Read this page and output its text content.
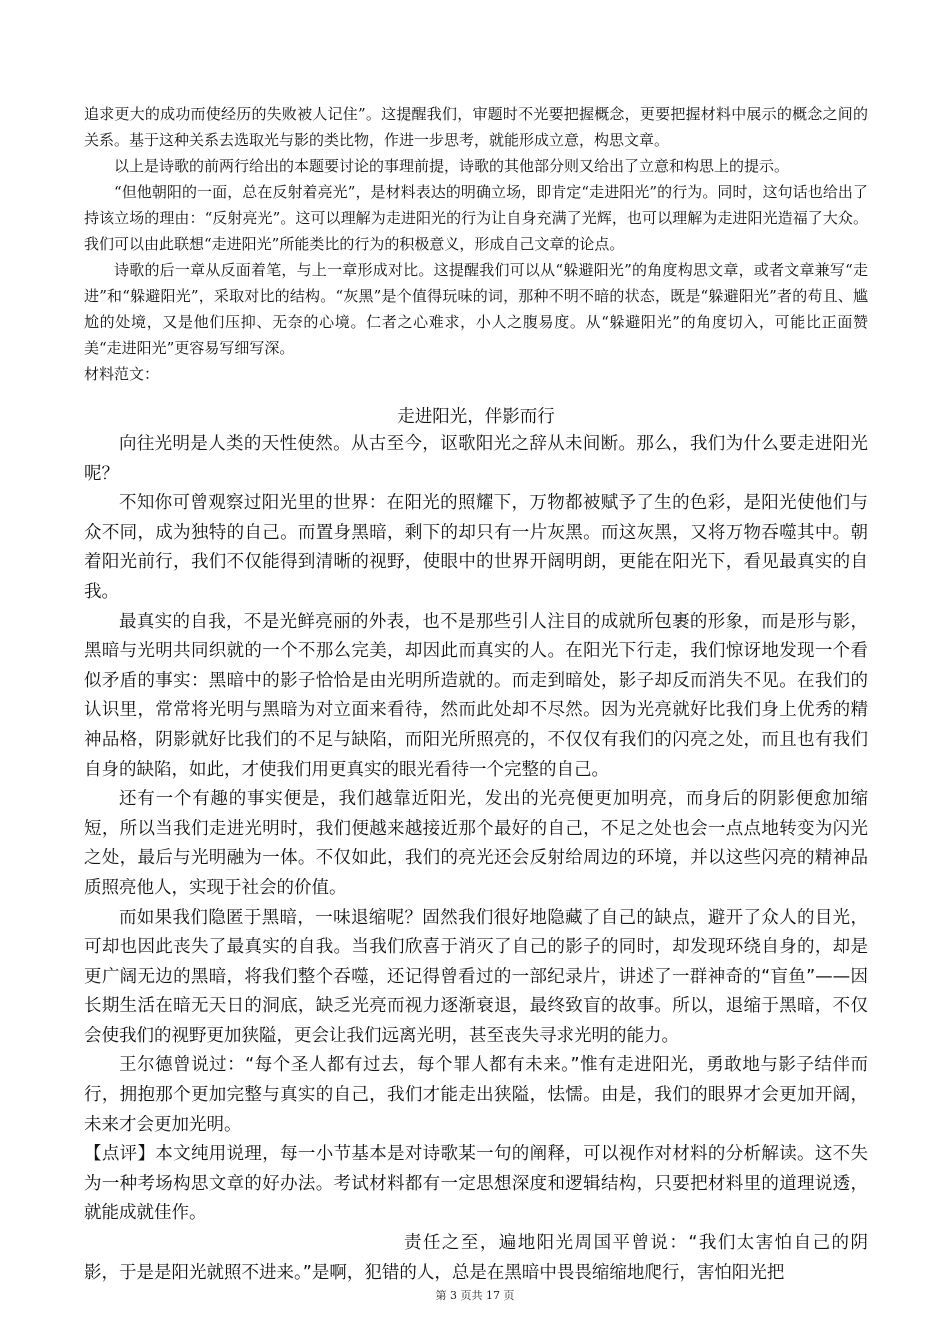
追求更大的成功而使经历的失败被人记住”。这提醒我们，审题时不光要把握概念，更要把握材料中展示的概念之间的关系。基于这种关系去选取光与影的类比物，作进一步思考，就能形成立意，构思文章。

以上是诗歌的前两行给出的本题要讨论的事理前提，诗歌的其他部分则又给出了立意和构思上的提示。

“但他朝阳的一面，总在反射着亮光”，是材料表达的明确立场，即肯定“走进阳光”的行为。同时，这句话也给出了持该立场的理由：“反射亮光”。这可以理解为走进阳光的行为让自身充满了光辉，也可以理解为走进阳光造福了大众。我们可以由此联想“走进阳光”所能类比的行为的积极意义，形成自己文章的论点。

诗歌的后一章从反面着笔，与上一章形成对比。这提醒我们可以从“躲避阳光”的角度构思文章，或者文章兼写“走进”和“躲避阳光”，采取对比的结构。“灰黑”是个值得玩味的词，那种不明不暗的状态，既是“躲避阳光”者的苟且、尴尬的处境，又是他们压抑、无奈的心境。仁者之心难求，小人之腹易度。从“躲避阳光”的角度切入，可能比正面赞美“走进阳光”更容易写细写深。

材料范文：

走进阳光，伴影而行

向往光明是人类的天性使然。从古至今，讴歌阳光之辞从未间断。那么，我们为什么要走进阳光呢？

不知你可曾观察过阳光里的世界：在阳光的照耀下，万物都被赋予了生的色彩，是阳光使他们与众不同，成为独特的自己。而置身黑暗，剩下的却只有一片灰黑。而这灰黑，又将万物吞噬其中。朝着阳光前行，我们不仅能得到清晰的视野，使眼中的世界开阔明朗，更能在阳光下，看见最真实的自我。

最真实的自我，不是光鲜亮丽的外表，也不是那些引人注目的成就所包裹的形象，而是形与影，黑暗与光明共同织就的一个不那么完美，却因此而真实的人。在阳光下行走，我们惊讶地发现一个看似矛盾的事实：黑暗中的影子恰恰是由光明所造就的。而走到暗处，影子却反而消失不见。在我们的认识里，常常将光明与黑暗为对立面来看待，然而此处却不尽然。因为光亮就好比我们身上优秀的精神品格，阴影就好比我们的不足与缺陷，而阳光所照亮的，不仅仅有我们的闪亮之处，而且也有我们自身的缺陷，如此，才使我们用更真实的眼光看待一个完整的自己。

还有一个有趣的事实便是，我们越靠近阳光，发出的光亮便更加明亮，而身后的阴影便愈加缩短，所以当我们走进光明时，我们便越来越接近那个最好的自己，不足之处也会一点点地转变为闪光之处，最后与光明融为一体。不仅如此，我们的亮光还会反射给周边的环境，并以这些闪亮的精神品质照亮他人，实现于社会的价值。

而如果我们隐匿于黑暗，一味退缩呢？固然我们很好地隐藏了自己的缺点，避开了众人的目光，可却也因此丧失了最真实的自我。当我们欣喜于消灭了自己的影子的同时，却发现环绕自身的，却是更广阔无边的黑暗，将我们整个吞噬，还记得曾看过的一部纪录片，讲述了一群神奇的“盲鱼”——因长期生活在暗无天日的洞底，缺乏光亮而视力逐渐衰退，最终致盲的故事。所以，退缩于黑暗，不仅会使我们的视野更加狭隘，更会让我们远离光明，甚至丧失寻求光明的能力。

王尔德曾说过：“每个圣人都有过去，每个罪人都有未来。”惟有走进阳光，勇敢地与影子结伴而行，拥抱那个更加完整与真实的自己，我们才能走出狭隘，怯懦。由是，我们的眼界才会更加开阔，未来才会更加光明。

【点评】本文纯用说理，每一小节基本是对诗歌某一句的阐释，可以视作对材料的分析解读。这不失为一种考场构思文章的好办法。考试材料都有一定思想深度和逻辑结构，只要把材料里的道理说透，就能成就佳作。

责任之至，遍地阳光周国平曾说：“我们太害怕自己的阴影，于是是阳光就照不进来。”是啊，犯错的人，总是在黑暗中畏畏缩缩地爬行，害怕阳光把

第 3 页共 17 页
